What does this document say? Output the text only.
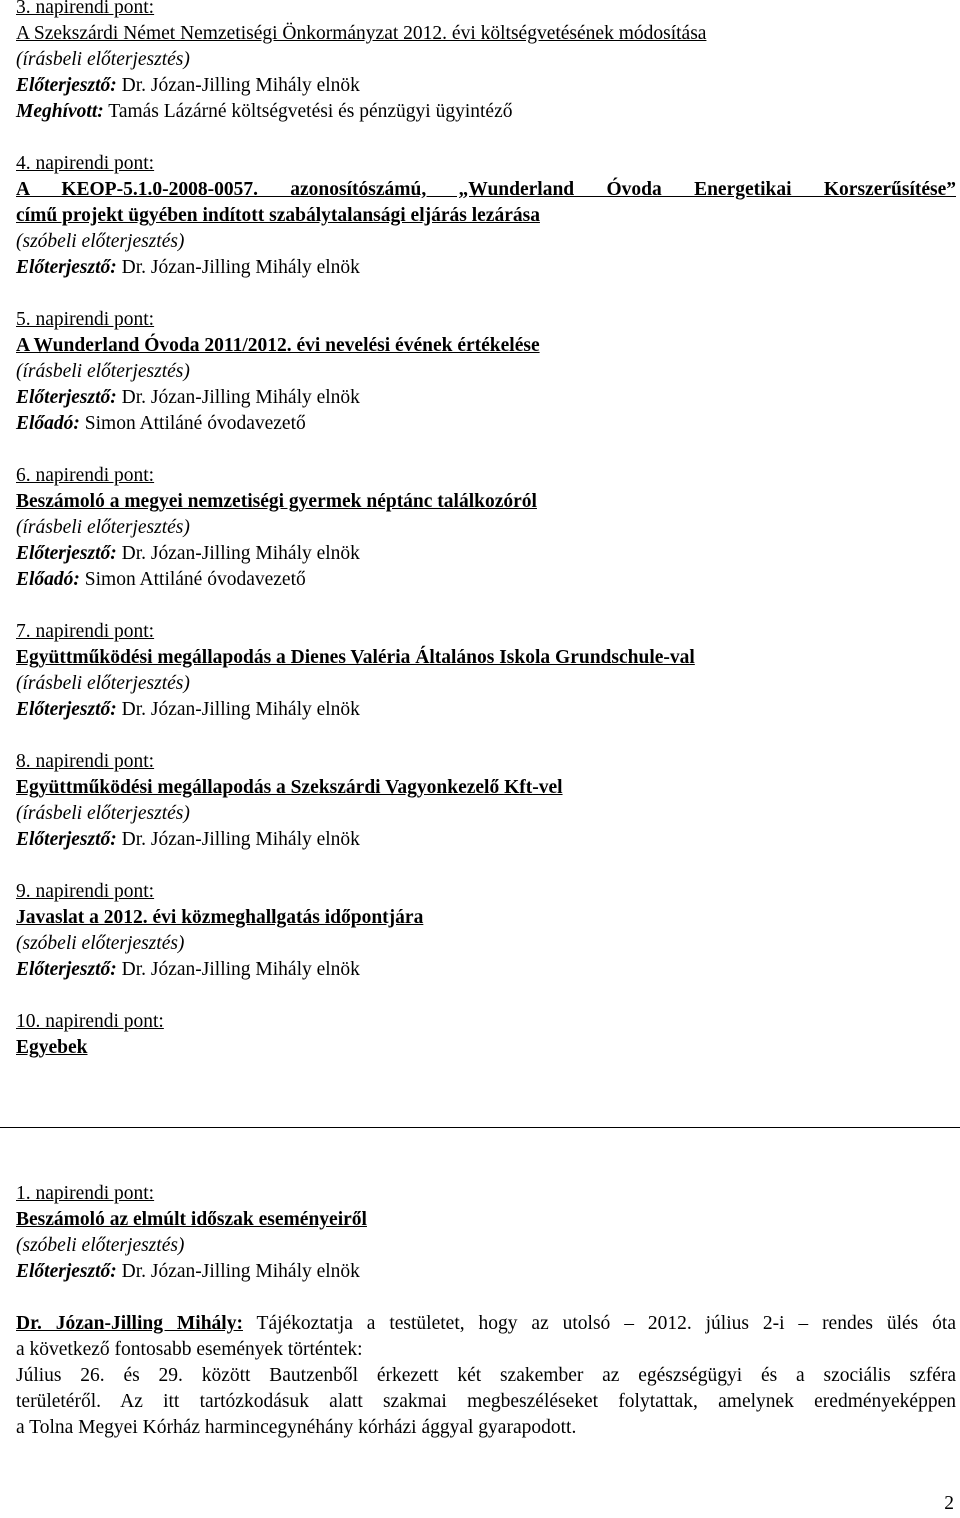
3. napirendi pont:
A Szekszárdi Német Nemzetiségi Önkormányzat 2012. évi költségvetésének módosítása
(írásbeli előterjesztés)
Előterjesztő: Dr. Józan-Jilling Mihály elnök
Meghívott: Tamás Lázárné költségvetési és pénzügyi ügyintéző
4. napirendi pont:
A KEOP-5.1.0-2008-0057. azonosítószámú, „Wunderland Óvoda Energetikai Korszerűsítése”
című projekt ügyében indított szabálytalansági eljárás lezárása
(szóbeli előterjesztés)
Előterjesztő: Dr. Józan-Jilling Mihály elnök
5. napirendi pont:
A Wunderland Óvoda 2011/2012. évi nevelési évének értékelése
(írásbeli előterjesztés)
Előterjesztő: Dr. Józan-Jilling Mihály elnök
Előadó: Simon Attiláné óvodavezető
6. napirendi pont:
Beszámoló a megyei nemzetiségi gyermek néptánc találkozóról
(írásbeli előterjesztés)
Előterjesztő: Dr. Józan-Jilling Mihály elnök
Előadó: Simon Attiláné óvodavezető
7. napirendi pont:
Együttműködési megállapodás a Dienes Valéria Általános Iskola Grundschule-val
(írásbeli előterjesztés)
Előterjesztő: Dr. Józan-Jilling Mihály elnök
8. napirendi pont:
Együttműködési megállapodás a Szekszárdi Vagyonkezelő Kft-vel
(írásbeli előterjesztés)
Előterjesztő: Dr. Józan-Jilling Mihály elnök
9. napirendi pont:
Javaslat a 2012. évi közmeghallgatás időpontjára
(szóbeli előterjesztés)
Előterjesztő: Dr. Józan-Jilling Mihály elnök
10. napirendi pont:
Egyebek
1. napirendi pont:
Beszámoló az elmúlt időszak eseményeiről
(szóbeli előterjesztés)
Előterjesztő: Dr. Józan-Jilling Mihály elnök

Dr. Józan-Jilling Mihály: Tájékoztatja a testületet, hogy az utolsó – 2012. július 2-i – rendes ülés óta
a következő fontosabb események történtek:
Július 26. és 29. között Bautzenből érkezett két szakember az egészségügyi és a szociális szféra
területéről. Az itt tartózkodásuk alatt szakmai megbeszéléseket folytattak, amelynek eredményeképpen
a Tolna Megyei Kórház harmincegynéhány kórházi ággyal gyarapodott.
2
